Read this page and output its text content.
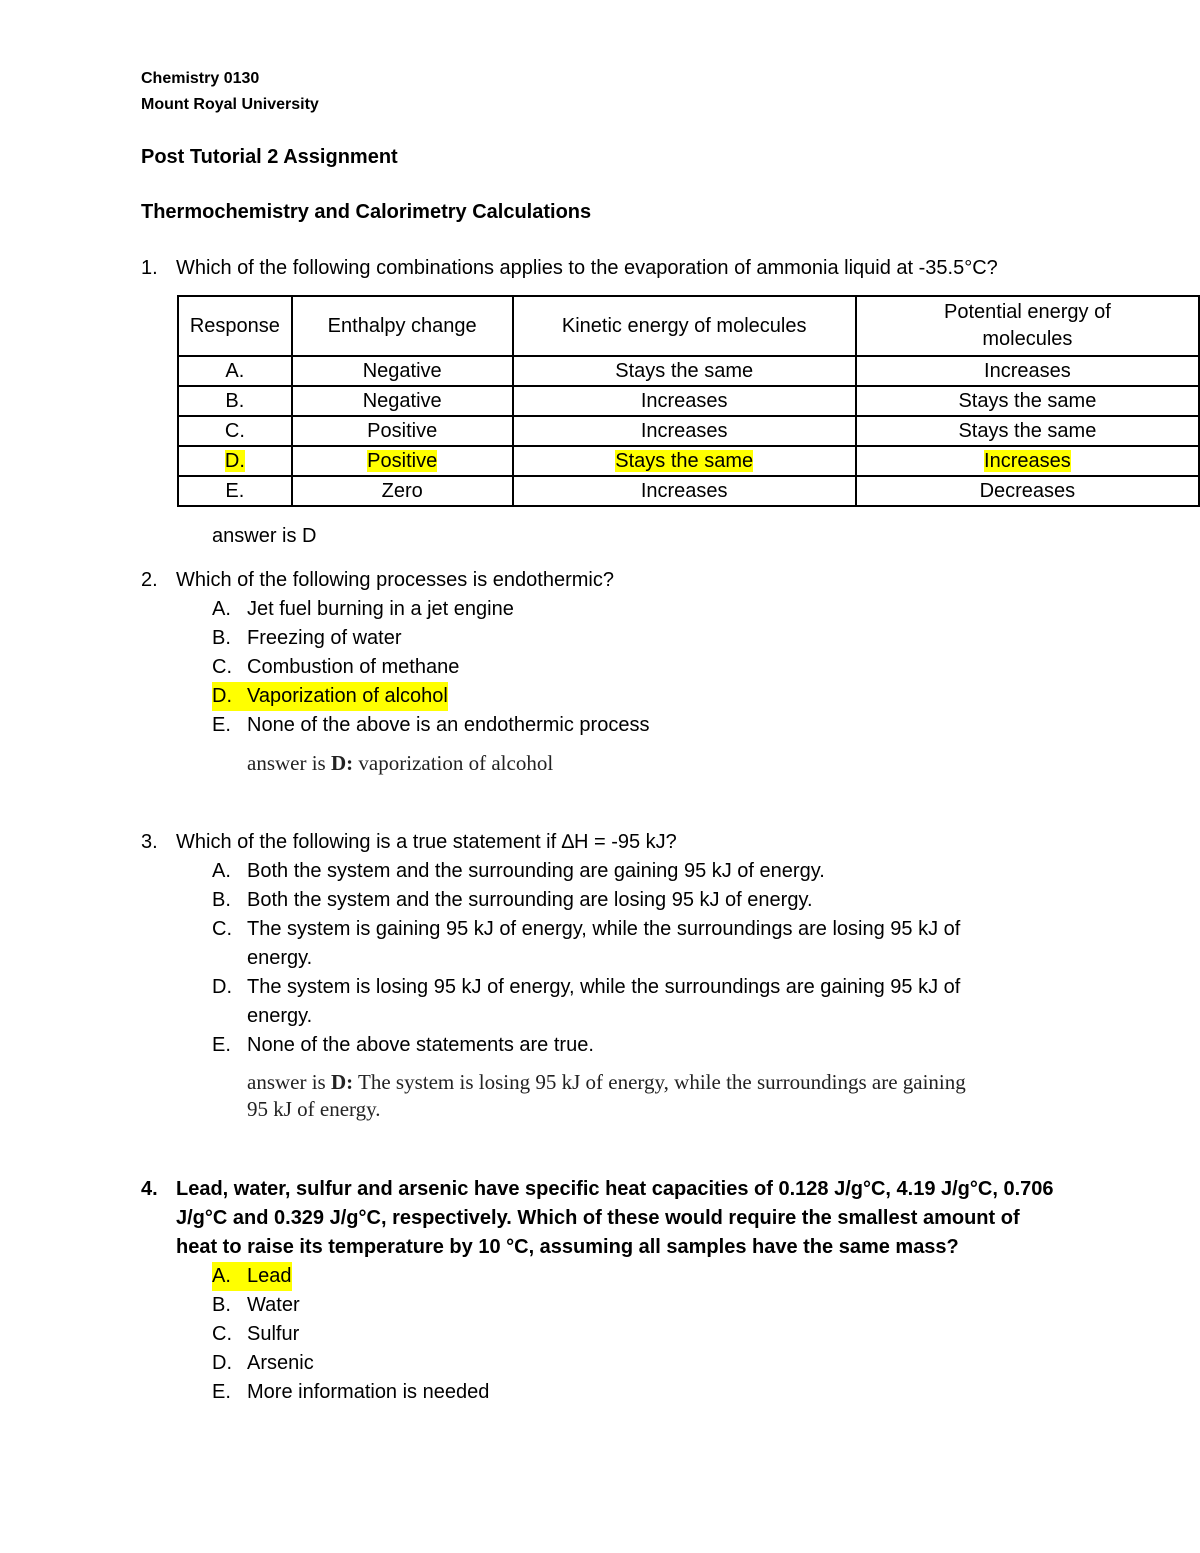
Chemistry 0130
Mount Royal University
Post Tutorial 2 Assignment
Thermochemistry and Calorimetry Calculations
1. Which of the following combinations applies to the evaporation of ammonia liquid at -35.5°C?
Response	Enthalpy change	Kinetic energy of molecules	Potential energy of molecules
A.	Negative	Stays the same	Increases
B.	Negative	Increases	Stays the same
C.	Positive	Increases	Stays the same
D.	Positive	Stays the same	Increases
E.	Zero	Increases	Decreases
answer is D
2. Which of the following processes is endothermic?
A. Jet fuel burning in a jet engine
B. Freezing of water
C. Combustion of methane
D. Vaporization of alcohol
E. None of the above is an endothermic process
answer is D: vaporization of alcohol
3. Which of the following is a true statement if ∆H = -95 kJ?
A. Both the system and the surrounding are gaining 95 kJ of energy.
B. Both the system and the surrounding are losing 95 kJ of energy.
C. The system is gaining 95 kJ of energy, while the surroundings are losing 95 kJ of
energy.
D. The system is losing 95 kJ of energy, while the surroundings are gaining 95 kJ of
energy.
E. None of the above statements are true.
answer is D: The system is losing 95 kJ of energy, while the surroundings are gaining
95 kJ of energy.
4. Lead, water, sulfur and arsenic have specific heat capacities of 0.128 J/g°C, 4.19 J/g°C, 0.706
J/g°C and 0.329 J/g°C, respectively. Which of these would require the smallest amount of
heat to raise its temperature by 10 °C, assuming all samples have the same mass?
A. Lead
B. Water
C. Sulfur
D. Arsenic
E. More information is needed
